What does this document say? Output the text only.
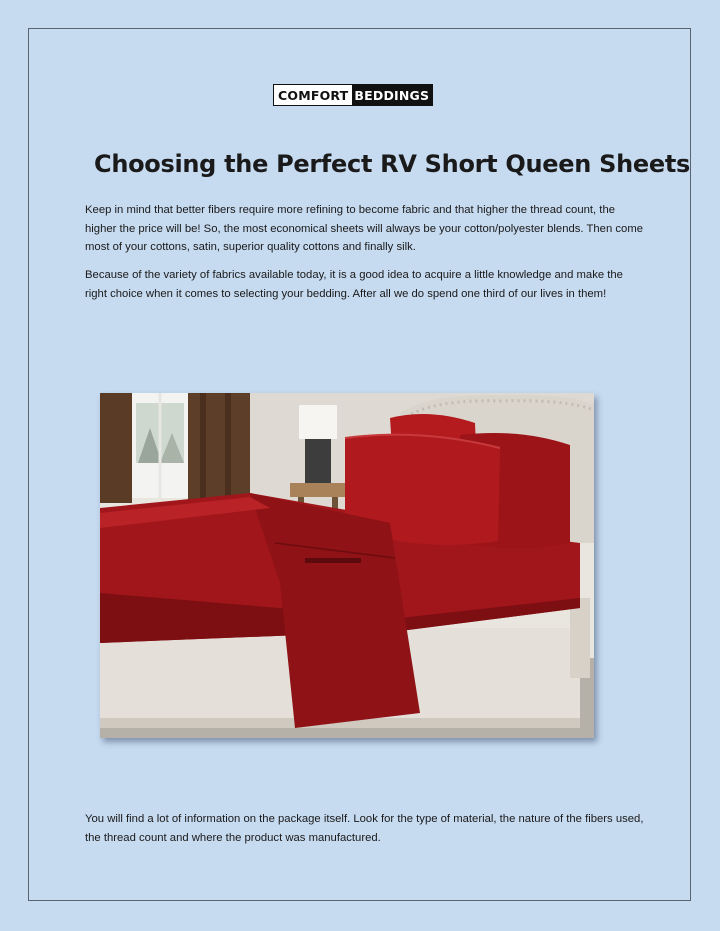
COMFORT BEDDINGS
Choosing the Perfect RV Short Queen Sheets

Keep in mind that better fibers require more refining to become fabric and that higher the thread count, the higher the price will be! So, the most economical sheets will always be your cotton/polyester blends. Then come most of your cottons, satin, superior quality cottons and finally silk.

Because of the variety of fabrics available today, it is a good idea to acquire a little knowledge and make the right choice when it comes to selecting your bedding. After all we do spend one third of our lives in them!

You will find a lot of information on the package itself. Look for the type of material, the nature of the fibers used, the thread count and where the product was manufactured.
